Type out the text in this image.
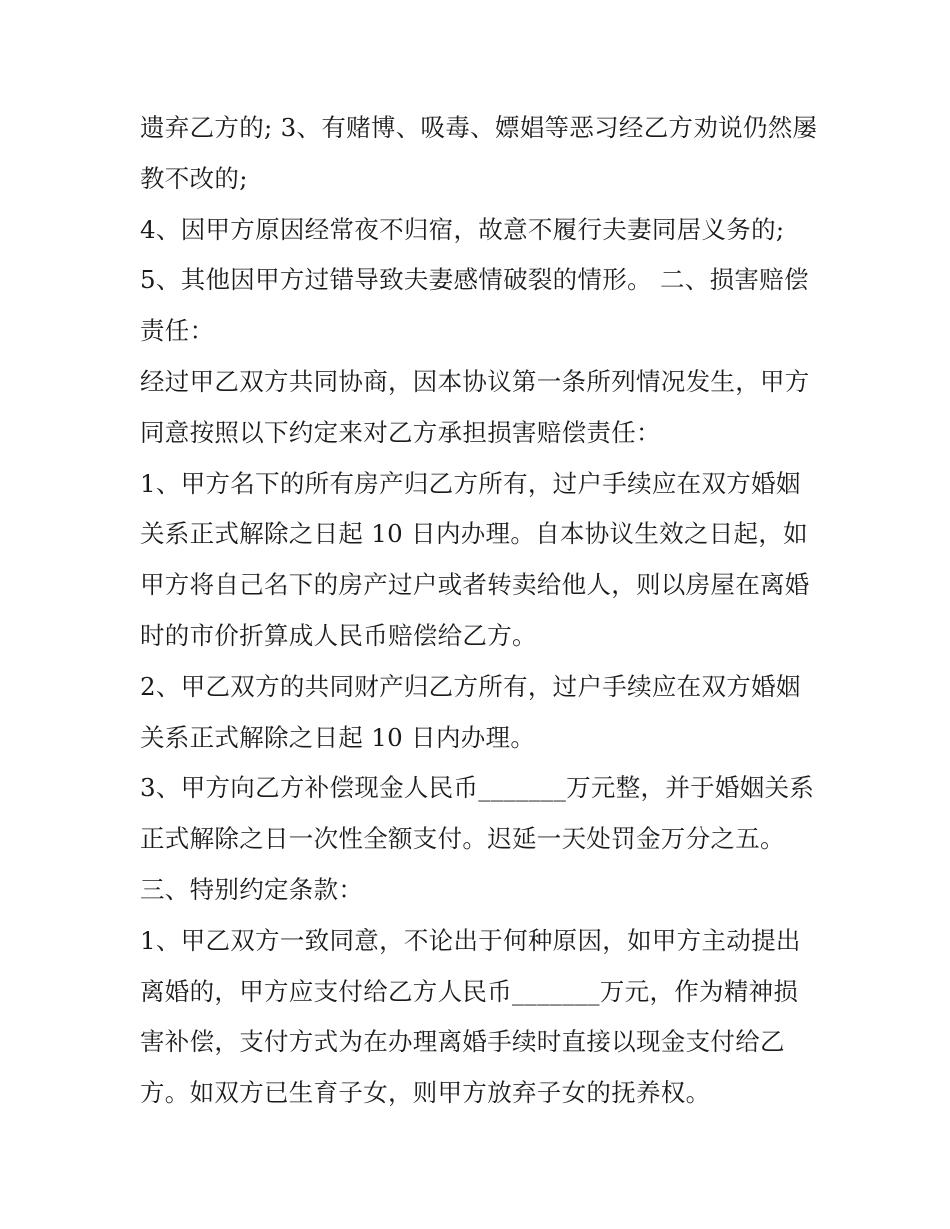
遗弃乙方的; 3、有赌博、吸毒、嫖娼等恶习经乙方劝说仍然屡
教不改的;
4、因甲方原因经常夜不归宿，故意不履行夫妻同居义务的;
5、其他因甲方过错导致夫妻感情破裂的情形。 二、损害赔偿
责任：
经过甲乙双方共同协商，因本协议第一条所列情况发生，甲方
同意按照以下约定来对乙方承担损害赔偿责任：
1、甲方名下的所有房产归乙方所有，过户手续应在双方婚姻
关系正式解除之日起 10 日内办理。自本协议生效之日起，如
甲方将自己名下的房产过户或者转卖给他人，则以房屋在离婚
时的市价折算成人民币赔偿给乙方。
2、甲乙双方的共同财产归乙方所有，过户手续应在双方婚姻
关系正式解除之日起 10 日内办理。
3、甲方向乙方补偿现金人民币_______万元整，并于婚姻关系
正式解除之日一次性全额支付。迟延一天处罚金万分之五。
三、特别约定条款：
1、甲乙双方一致同意，不论出于何种原因，如甲方主动提出
离婚的，甲方应支付给乙方人民币_______万元，作为精神损
害补偿，支付方式为在办理离婚手续时直接以现金支付给乙
方。如双方已生育子女，则甲方放弃子女的抚养权。
